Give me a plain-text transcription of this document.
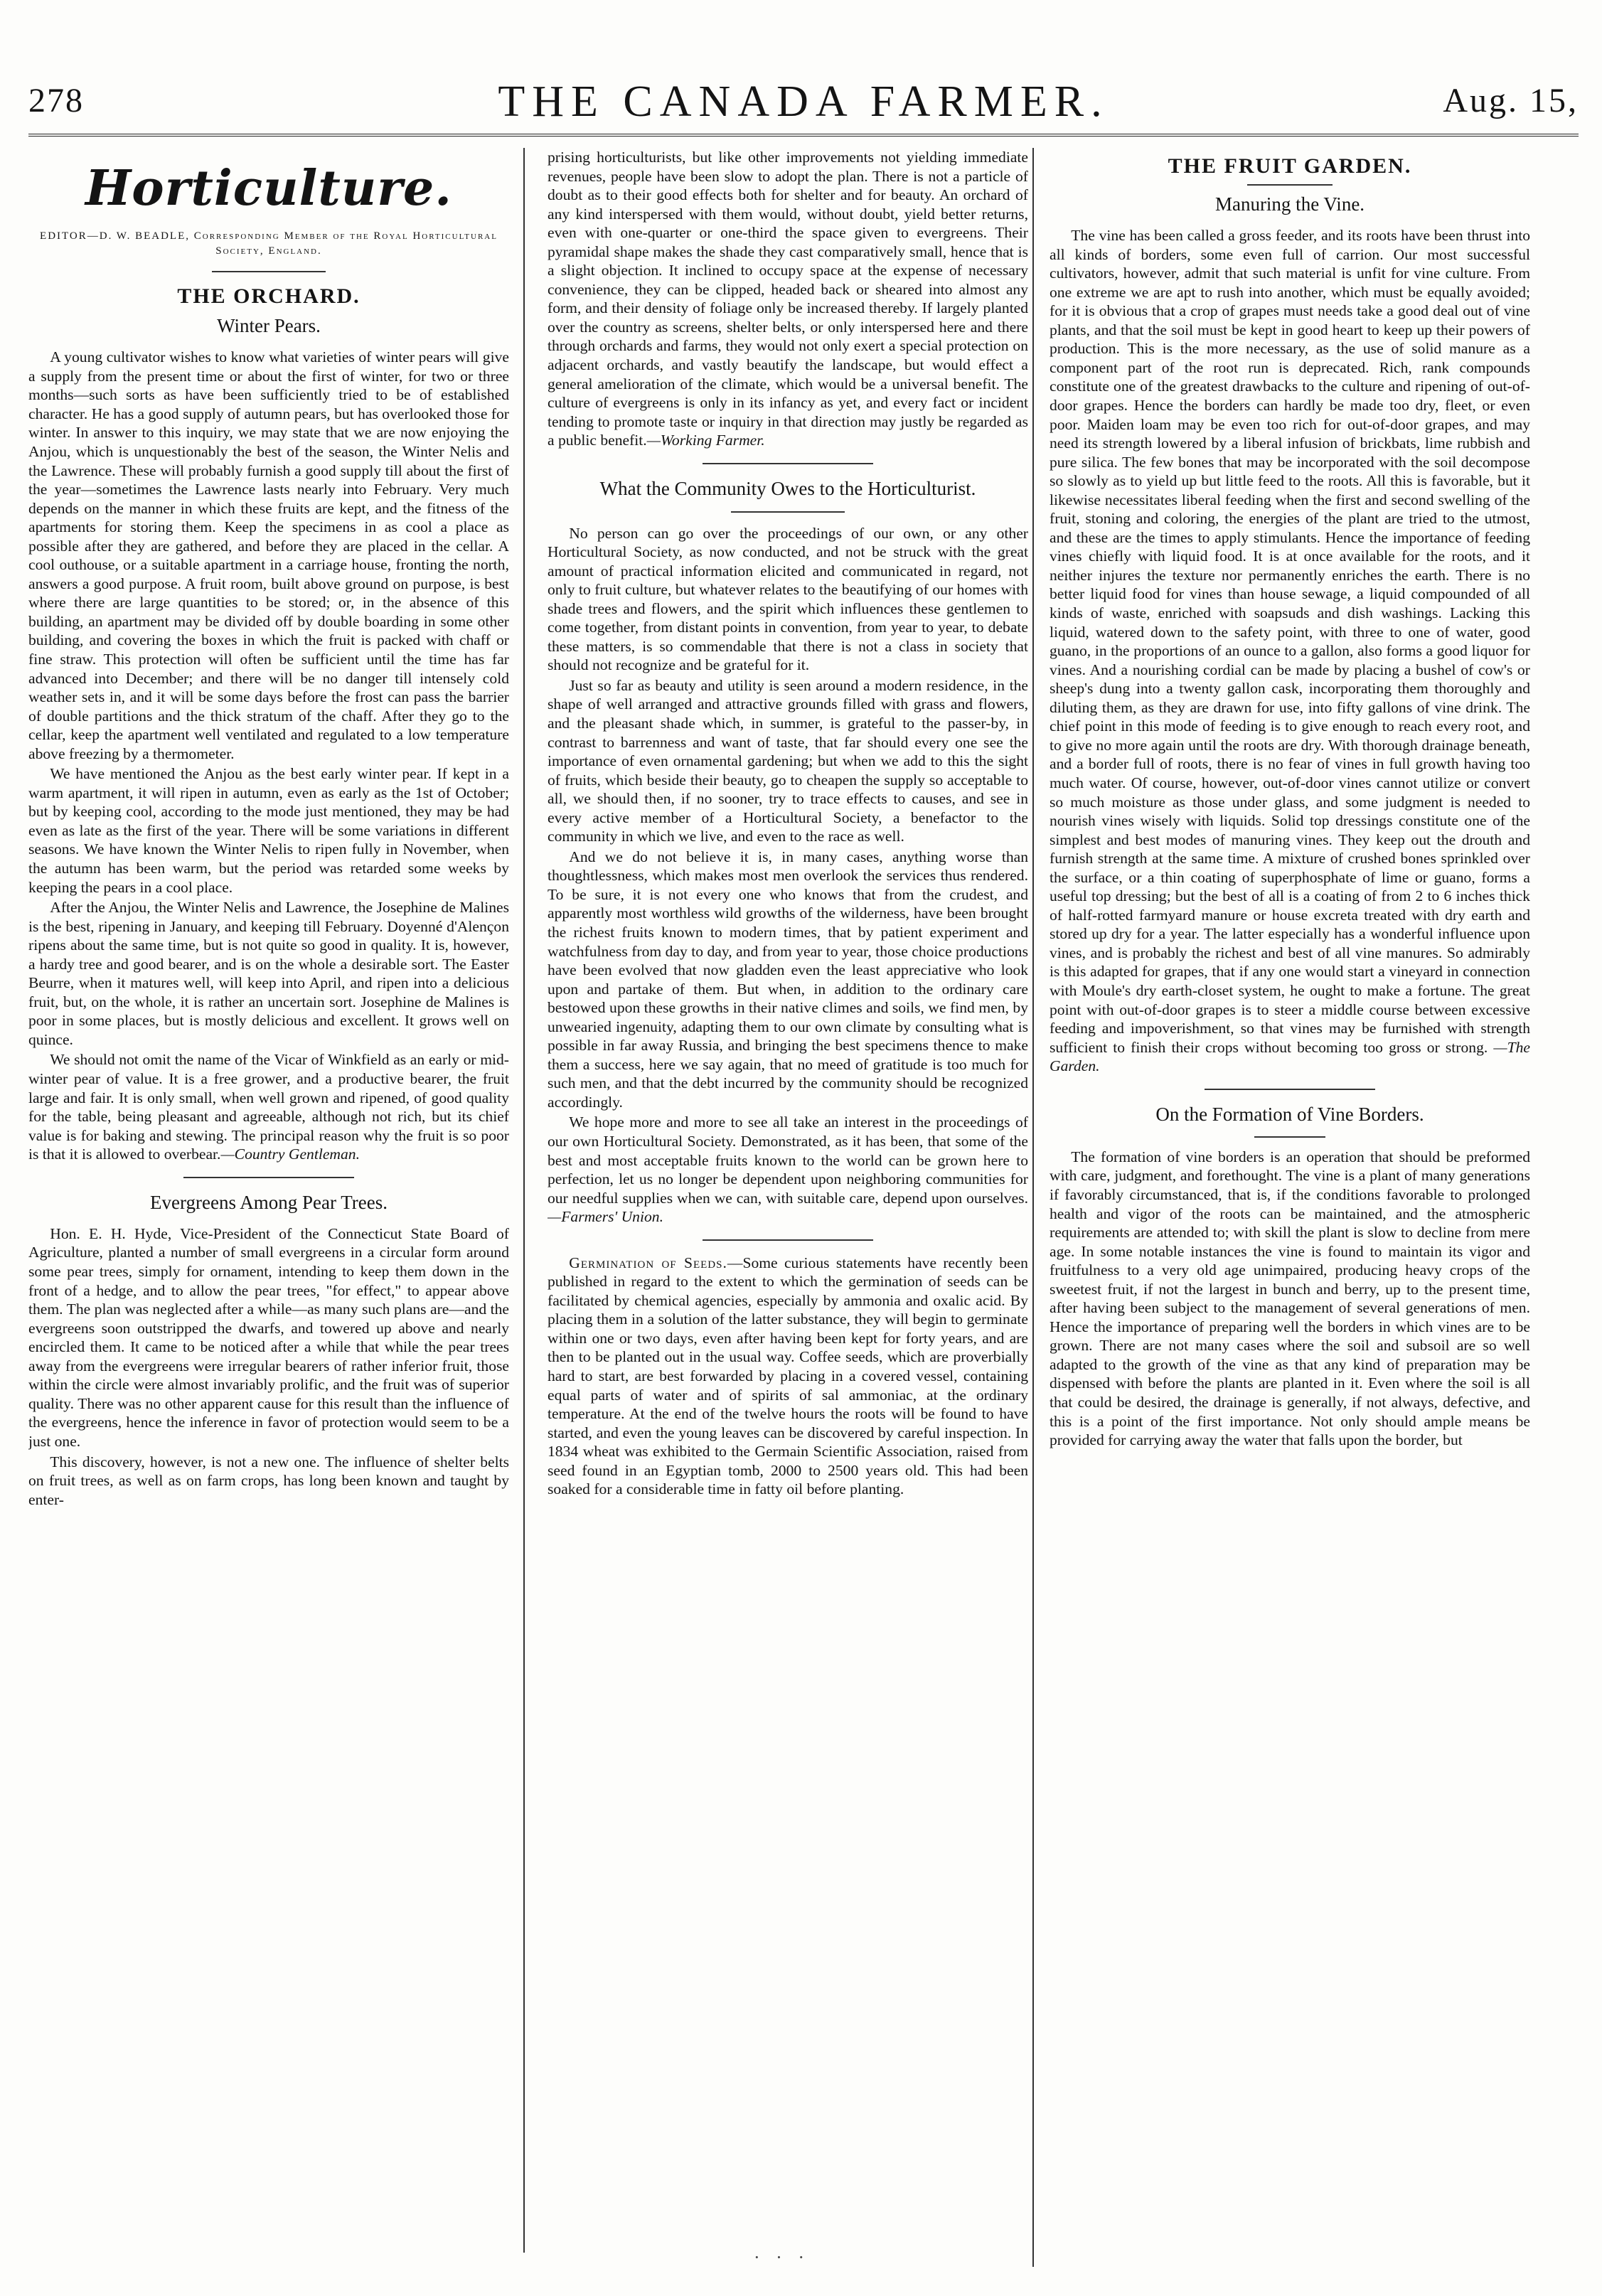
278	THE CANADA FARMER.	Aug. 15,
Horticulture.
EDITOR—D. W. BEADLE, Corresponding Member of the Royal Horticultural Society, England.
THE ORCHARD.
Winter Pears.

A young cultivator wishes to know what varieties of winter pears will give a supply from the present time or about the first of winter, for two or three months—such sorts as have been sufficiently tried to be of established character. He has a good supply of autumn pears, but has overlooked those for winter. In answer to this inquiry, we may state that we are now enjoying the Anjou, which is unquestionably the best of the season, the Winter Nelis and the Lawrence. These will probably furnish a good supply till about the first of the year—sometimes the Lawrence lasts nearly into February. Very much depends on the manner in which these fruits are kept, and the fitness of the apartments for storing them. Keep the specimens in as cool a place as possible after they are gathered, and before they are placed in the cellar. A cool outhouse, or a suitable apartment in a carriage house, fronting the north, answers a good purpose. A fruit room, built above ground on purpose, is best where there are large quantities to be stored; or, in the absence of this building, an apartment may be divided off by double boarding in some other building, and covering the boxes in which the fruit is packed with chaff or fine straw. This protection will often be sufficient until the time has far advanced into December; and there will be no danger till intensely cold weather sets in, and it will be some days before the frost can pass the barrier of double partitions and the thick stratum of the chaff. After they go to the cellar, keep the apartment well ventilated and regulated to a low temperature above freezing by a thermometer.

We have mentioned the Anjou as the best early winter pear. If kept in a warm apartment, it will ripen in autumn, even as early as the 1st of October; but by keeping cool, according to the mode just mentioned, they may be had even as late as the first of the year. There will be some variations in different seasons. We have known the Winter Nelis to ripen fully in November, when the autumn has been warm, but the period was retarded some weeks by keeping the pears in a cool place.

After the Anjou, the Winter Nelis and Lawrence, the Josephine de Malines is the best, ripening in January, and keeping till February. Doyenné d'Alençon ripens about the same time, but is not quite so good in quality. It is, however, a hardy tree and good bearer, and is on the whole a desirable sort. The Easter Beurre, when it matures well, will keep into April, and ripen into a delicious fruit, but, on the whole, it is rather an uncertain sort. Josephine de Malines is poor in some places, but is mostly delicious and excellent. It grows well on quince.

We should not omit the name of the Vicar of Winkfield as an early or mid-winter pear of value. It is a free grower, and a productive bearer, the fruit large and fair. It is only small, when well grown and ripened, of good quality for the table, being pleasant and agreeable, although not rich, but its chief value is for baking and stewing. The principal reason why the fruit is so poor is that it is allowed to overbear.—Country Gentleman.

Evergreens Among Pear Trees.

Hon. E. H. Hyde, Vice-President of the Connecticut State Board of Agriculture, planted a number of small evergreens in a circular form around some pear trees, simply for ornament, intending to keep them down in the front of a hedge, and to allow the pear trees, "for effect," to appear above them. The plan was neglected after a while—as many such plans are—and the evergreens soon outstripped the dwarfs, and towered up above and nearly encircled them. It came to be noticed after a while that while the pear trees away from the evergreens were irregular bearers of rather inferior fruit, those within the circle were almost invariably prolific, and the fruit was of superior quality. There was no other apparent cause for this result than the influence of the evergreens, hence the inference in favor of protection would seem to be a just one.

This discovery, however, is not a new one. The influence of shelter belts on fruit trees, as well as on farm crops, has long been known and taught by enter-

prising horticulturists, but like other improvements not yielding immediate revenues, people have been slow to adopt the plan. There is not a particle of doubt as to their good effects both for shelter and for beauty. An orchard of any kind interspersed with them would, without doubt, yield better returns, even with one-quarter or one-third the space given to evergreens. Their pyramidal shape makes the shade they cast comparatively small, hence that is a slight objection. It inclined to occupy space at the expense of necessary convenience, they can be clipped, headed back or sheared into almost any form, and their density of foliage only be increased thereby. If largely planted over the country as screens, shelter belts, or only interspersed here and there through orchards and farms, they would not only exert a special protection on adjacent orchards, and vastly beautify the landscape, but would effect a general amelioration of the climate, which would be a universal benefit. The culture of evergreens is only in its infancy as yet, and every fact or incident tending to promote taste or inquiry in that direction may justly be regarded as a public benefit.—Working Farmer.

What the Community Owes to the Horticulturist.

No person can go over the proceedings of our own, or any other Horticultural Society, as now conducted, and not be struck with the great amount of practical information elicited and communicated in regard, not only to fruit culture, but whatever relates to the beautifying of our homes with shade trees and flowers, and the spirit which influences these gentlemen to come together, from distant points in convention, from year to year, to debate these matters, is so commendable that there is not a class in society that should not recognize and be grateful for it.

Just so far as beauty and utility is seen around a modern residence, in the shape of well arranged and attractive grounds filled with grass and flowers, and the pleasant shade which, in summer, is grateful to the passer-by, in contrast to barrenness and want of taste, that far should every one see the importance of even ornamental gardening; but when we add to this the sight of fruits, which beside their beauty, go to cheapen the supply so acceptable to all, we should then, if no sooner, try to trace effects to causes, and see in every active member of a Horticultural Society, a benefactor to the community in which we live, and even to the race as well.

And we do not believe it is, in many cases, anything worse than thoughtlessness, which makes most men overlook the services thus rendered. To be sure, it is not every one who knows that from the crudest, and apparently most worthless wild growths of the wilderness, have been brought the richest fruits known to modern times, that by patient experiment and watchfulness from day to day, and from year to year, those choice productions have been evolved that now gladden even the least appreciative who look upon and partake of them. But when, in addition to the ordinary care bestowed upon these growths in their native climes and soils, we find men, by unwearied ingenuity, adapting them to our own climate by consulting what is possible in far away Russia, and bringing the best specimens thence to make them a success, here we say again, that no meed of gratitude is too much for such men, and that the debt incurred by the community should be recognized accordingly.

We hope more and more to see all take an interest in the proceedings of our own Horticultural Society. Demonstrated, as it has been, that some of the best and most acceptable fruits known to the world can be grown here to perfection, let us no longer be dependent upon neighboring communities for our needful supplies when we can, with suitable care, depend upon ourselves. —Farmers' Union.

Germination of Seeds.—Some curious statements have recently been published in regard to the extent to which the germination of seeds can be facilitated by chemical agencies, especially by ammonia and oxalic acid. By placing them in a solution of the latter substance, they will begin to germinate within one or two days, even after having been kept for forty years, and are then to be planted out in the usual way. Coffee seeds, which are proverbially hard to start, are best forwarded by placing in a covered vessel, containing equal parts of water and of spirits of sal ammoniac, at the ordinary temperature. At the end of the twelve hours the roots will be found to have started, and even the young leaves can be discovered by careful inspection. In 1834 wheat was exhibited to the Germain Scientific Association, raised from seed found in an Egyptian tomb, 2000 to 2500 years old. This had been soaked for a considerable time in fatty oil before planting.

THE FRUIT GARDEN.
Manuring the Vine.

The vine has been called a gross feeder, and its roots have been thrust into all kinds of borders, some even full of carrion. Our most successful cultivators, however, admit that such material is unfit for vine culture. From one extreme we are apt to rush into another, which must be equally avoided; for it is obvious that a crop of grapes must needs take a good deal out of vine plants, and that the soil must be kept in good heart to keep up their powers of production. This is the more necessary, as the use of solid manure as a component part of the root run is deprecated. Rich, rank compounds constitute one of the greatest drawbacks to the culture and ripening of out-of-door grapes. Hence the borders can hardly be made too dry, fleet, or even poor. Maiden loam may be even too rich for out-of-door grapes, and may need its strength lowered by a liberal infusion of brickbats, lime rubbish and pure silica. The few bones that may be incorporated with the soil decompose so slowly as to yield up but little feed to the roots. All this is favorable, but it likewise necessitates liberal feeding when the first and second swelling of the fruit, stoning and coloring, the energies of the plant are tried to the utmost, and these are the times to apply stimulants. Hence the importance of feeding vines chiefly with liquid food. It is at once available for the roots, and it neither injures the texture nor permanently enriches the earth. There is no better liquid food for vines than house sewage, a liquid compounded of all kinds of waste, enriched with soapsuds and dish washings. Lacking this liquid, watered down to the safety point, with three to one of water, good guano, in the proportions of an ounce to a gallon, also forms a good liquor for vines. And a nourishing cordial can be made by placing a bushel of cow's or sheep's dung into a twenty gallon cask, incorporating them thoroughly and diluting them, as they are drawn for use, into fifty gallons of vine drink. The chief point in this mode of feeding is to give enough to reach every root, and to give no more again until the roots are dry. With thorough drainage beneath, and a border full of roots, there is no fear of vines in full growth having too much water. Of course, however, out-of-door vines cannot utilize or convert so much moisture as those under glass, and some judgment is needed to nourish vines wisely with liquids. Solid top dressings constitute one of the simplest and best modes of manuring vines. They keep out the drouth and furnish strength at the same time. A mixture of crushed bones sprinkled over the surface, or a thin coating of superphosphate of lime or guano, forms a useful top dressing; but the best of all is a coating of from 2 to 6 inches thick of half-rotted farmyard manure or house excreta treated with dry earth and stored up dry for a year. The latter especially has a wonderful influence upon vines, and is probably the richest and best of all vine manures. So admirably is this adapted for grapes, that if any one would start a vineyard in connection with Moule's dry earth-closet system, he ought to make a fortune. The great point with out-of-door grapes is to steer a middle course between excessive feeding and impoverishment, so that vines may be furnished with strength sufficient to finish their crops without becoming too gross or strong. —The Garden.

On the Formation of Vine Borders.

The formation of vine borders is an operation that should be preformed with care, judgment, and forethought. The vine is a plant of many generations if favorably circumstanced, that is, if the conditions favorable to prolonged health and vigor of the roots can be maintained, and the atmospheric requirements are attended to; with skill the plant is slow to decline from mere age. In some notable instances the vine is found to maintain its vigor and fruitfulness to a very old age unimpaired, producing heavy crops of the sweetest fruit, if not the largest in bunch and berry, up to the present time, after having been subject to the management of several generations of men. Hence the importance of preparing well the borders in which vines are to be grown. There are not many cases where the soil and subsoil are so well adapted to the growth of the vine as that any kind of preparation may be dispensed with before the plants are planted in it. Even where the soil is all that could be desired, the drainage is generally, if not always, defective, and this is a point of the first importance. Not only should ample means be provided for carrying away the water that falls upon the border, but

· · ·
